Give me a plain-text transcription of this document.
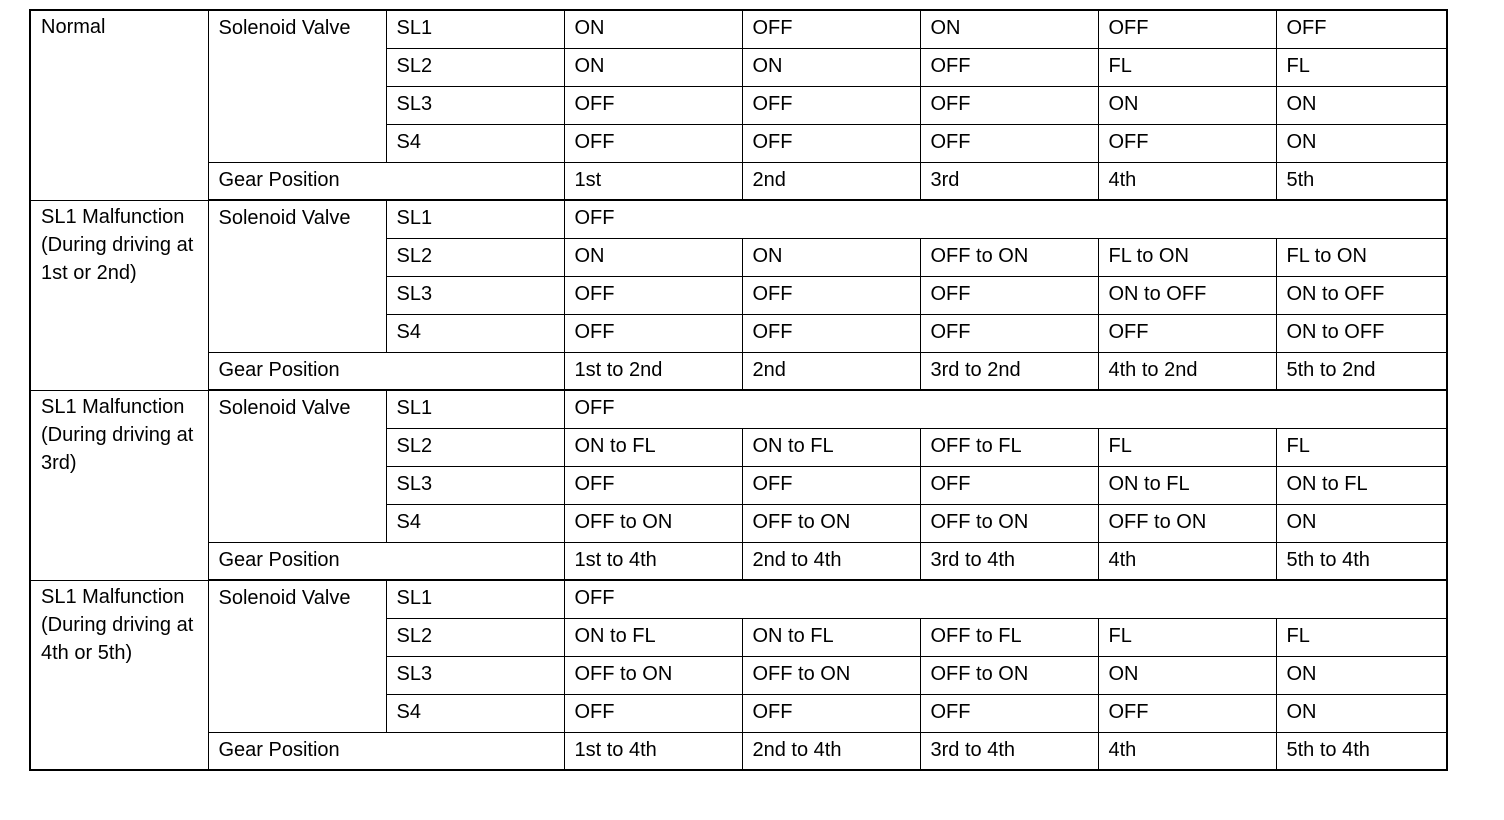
Normal	Solenoid Valve	SL1	ON	OFF	ON	OFF	OFF
		SL2	ON	ON	OFF	FL	FL
		SL3	OFF	OFF	OFF	ON	ON
		S4	OFF	OFF	OFF	OFF	ON
	Gear Position		1st	2nd	3rd	4th	5th
SL1 Malfunction (During driving at 1st or 2nd)	Solenoid Valve	SL1	OFF				
		SL2	ON	ON	OFF to ON	FL to ON	FL to ON
		SL3	OFF	OFF	OFF	ON to OFF	ON to OFF
		S4	OFF	OFF	OFF	OFF	ON to OFF
	Gear Position		1st to 2nd	2nd	3rd to 2nd	4th to 2nd	5th to 2nd
SL1 Malfunction (During driving at 3rd)	Solenoid Valve	SL1	OFF				
		SL2	ON to FL	ON to FL	OFF to FL	FL	FL
		SL3	OFF	OFF	OFF	ON to FL	ON to FL
		S4	OFF to ON	OFF to ON	OFF to ON	OFF to ON	ON
	Gear Position		1st to 4th	2nd to 4th	3rd to 4th	4th	5th to 4th
SL1 Malfunction (During driving at 4th or 5th)	Solenoid Valve	SL1	OFF				
		SL2	ON to FL	ON to FL	OFF to FL	FL	FL
		SL3	OFF to ON	OFF to ON	OFF to ON	ON	ON
		S4	OFF	OFF	OFF	OFF	ON
	Gear Position		1st to 4th	2nd to 4th	3rd to 4th	4th	5th to 4th
